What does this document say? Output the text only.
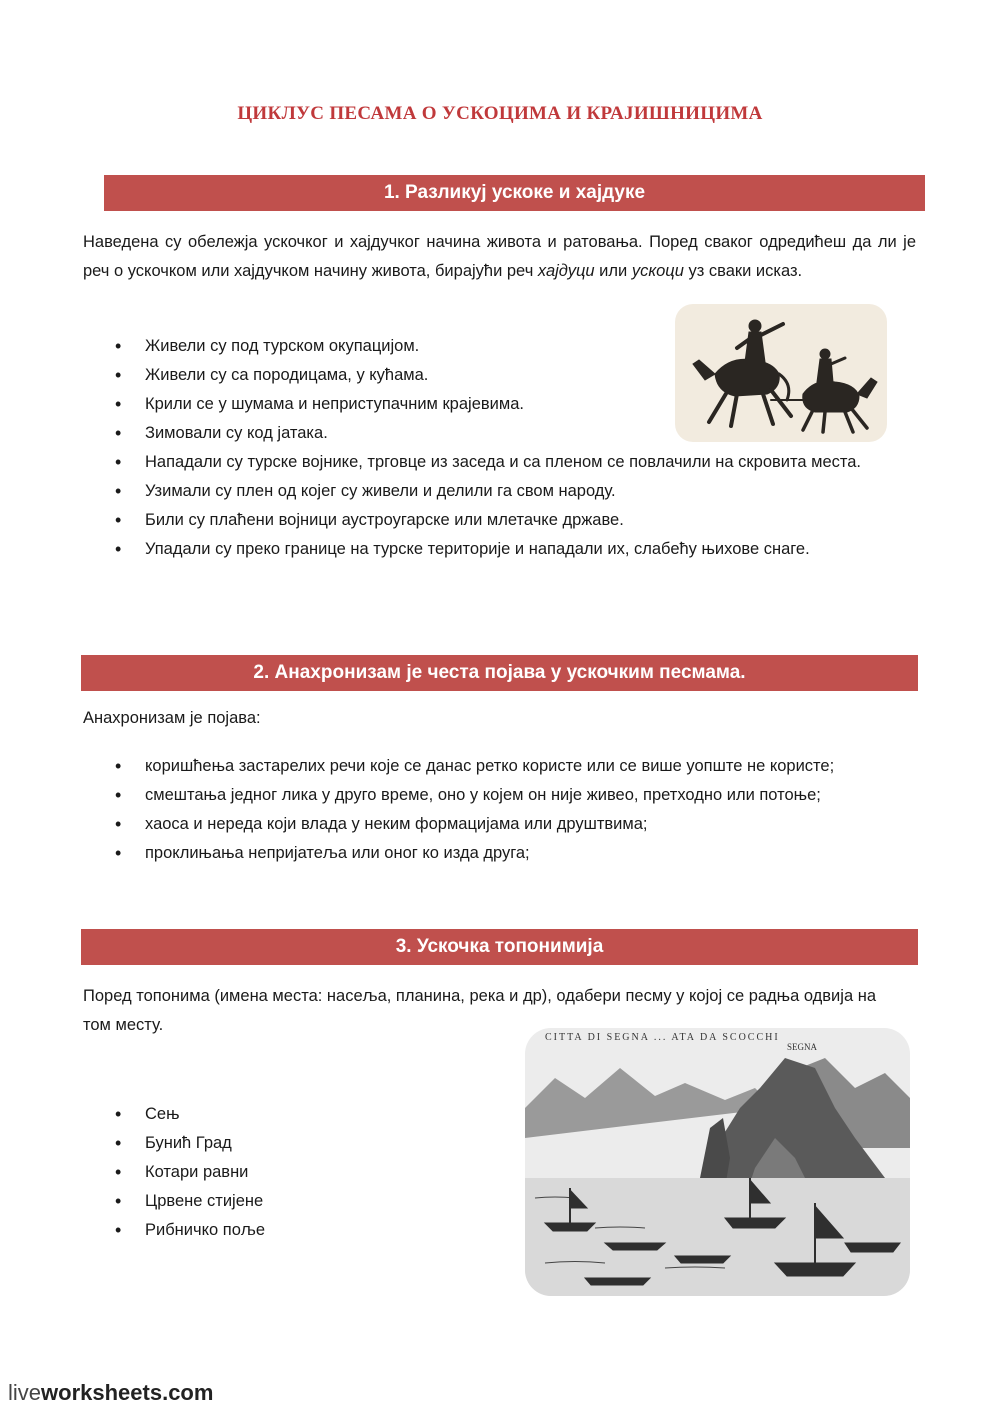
ЦИКЛУС ПЕСАМА О УСКОЦИМА И КРАЈИШНИЦИМА
1. Разликуј ускоке и хајдуке

Наведена су обележја ускочког и хајдучког начина живота и ратовања. Поред сваког одредићеш да ли је реч о ускочком или хајдучком начину живота, бирајући реч хајдуци или ускоци уз сваки исказ.

• Живели су под турском окупацијом.
• Живели су са породицама, у кућама.
• Крили се у шумама и неприступачним крајевима.
• Зимовали су код јатака.
• Нападали су турске војнике, трговце из заседа и са пленом се повлачили на скровита места.
• Узимали су плен од којег су живели и делили га свом народу.
• Били су плаћени војници аустроугарске или млетачке државе.
• Упадали су преко границе на турске територије и нападали их, слабећу њихове снаге.
2. Анахронизам је честа појава у ускочким песмама.

Анахронизам је појава:

• коришћења застарелих речи које се данас ретко користе или се више уопште не користе;
• смештања једног лика у друго време, оно у којем он није живео, претходно или потоње;
• хаоса и нереда који влада у неким формацијама или друштвима;
• проклињања непријатеља или оног ко изда друга;
3. Ускочка топонимија

Поред топонима (имена места: насеља, планина, река и др), одабери песму у којој се радња одвија на том месту.

CITTA DI SEGNA ... ATA DA SCOCCHI
SEGNA
• Сењ
• Бунић Град
• Котари равни
• Црвене стијене
• Рибничко поље
liveworksheets.com
